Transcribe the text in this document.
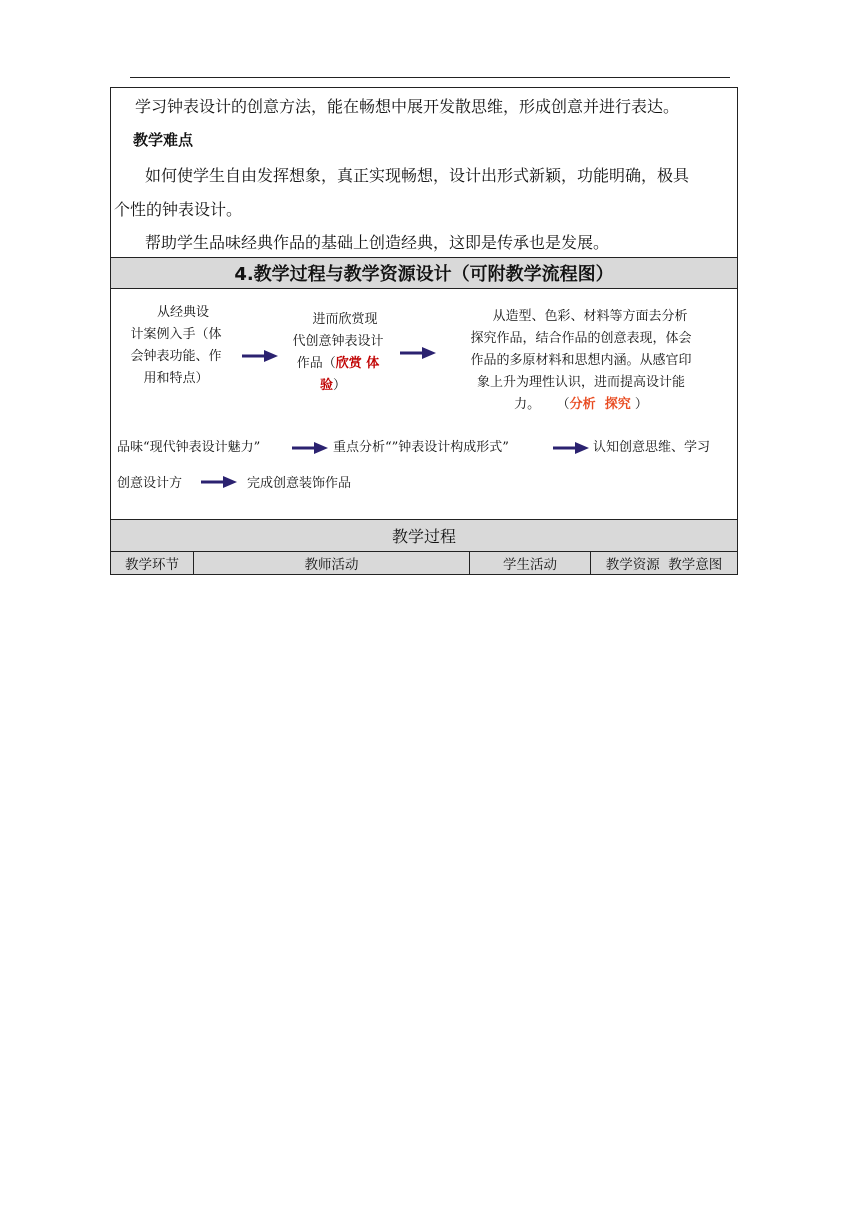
学习钟表设计的创意方法，能在畅想中展开发散思维，形成创意并进行表达。
教学难点
如何使学生自由发挥想象，真正实现畅想，设计出形式新颖，功能明确，极具
个性的钟表设计。
帮助学生品味经典作品的基础上创造经典，这即是传承也是发展。
4.教学过程与教学资源设计（可附教学流程图）
从经典设
计案例入手（体
会钟表功能、作
用和特点）
进而欣赏现
代创意钟表设计
作品（欣赏 体
验）
从造型、色彩、材料等方面去分析
探究作品，结合作品的创意表现，体会
作品的多原材料和思想内涵。从感官印
象上升为理性认识，进而提高设计能
力。    （分析  探究 ）
品味“现代钟表设计魅力”	重点分析“”钟表设计构成形式”	认知创意思维、学习
创意设计方	完成创意装饰作品
教学过程
教学环节	教师活动	学生活动	教学资源  教学意图
